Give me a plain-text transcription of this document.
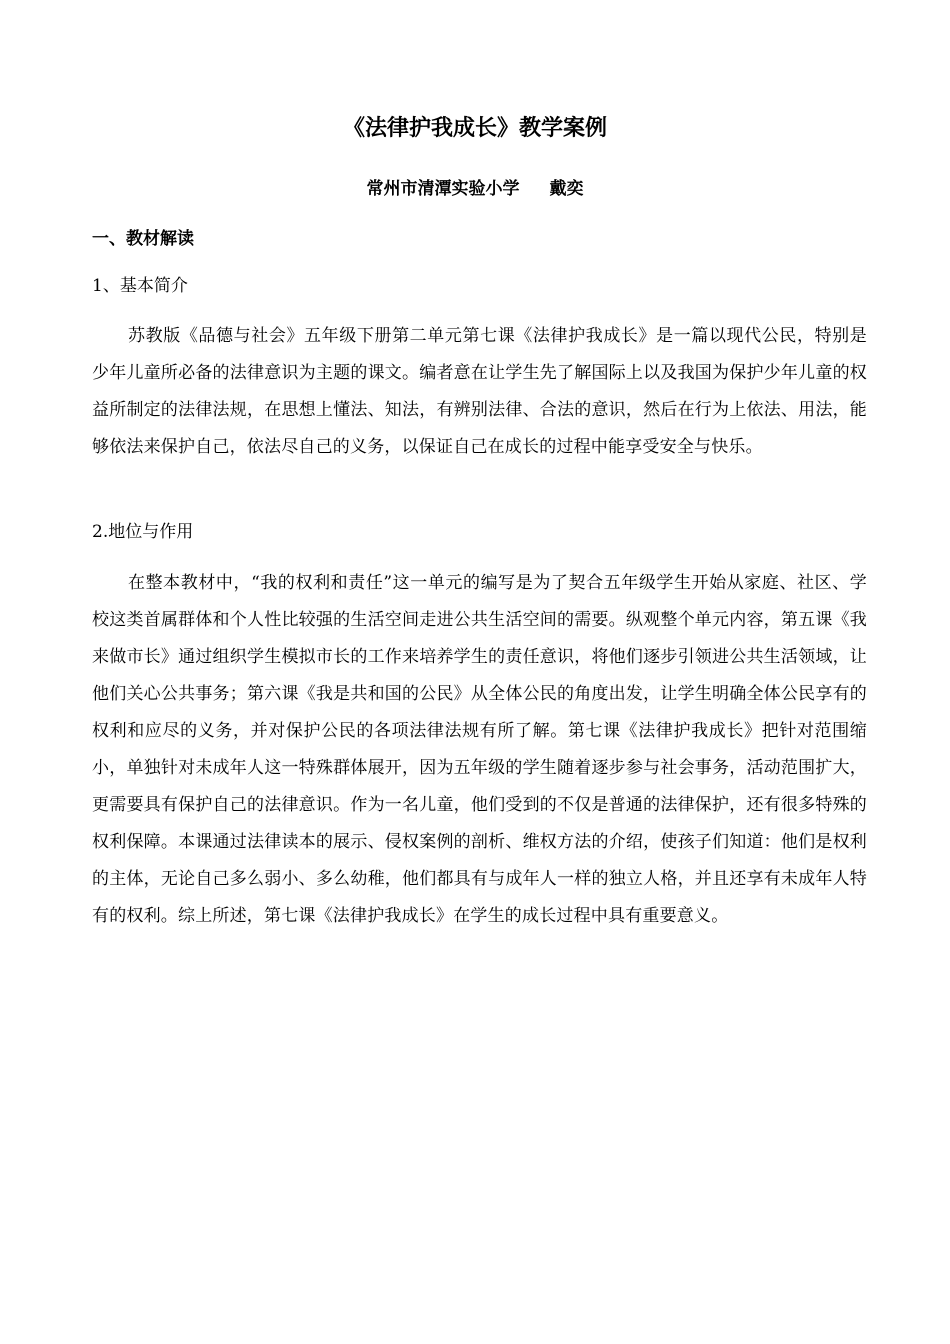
《法律护我成长》教学案例
常州市清潭实验小学 戴奕
一、教材解读
1、基本简介
苏教版《品德与社会》五年级下册第二单元第七课《法律护我成长》是一篇以现代公民，特别是少年儿童所必备的法律意识为主题的课文。编者意在让学生先了解国际上以及我国为保护少年儿童的权益所制定的法律法规，在思想上懂法、知法，有辨别法律、合法的意识，然后在行为上依法、用法，能够依法来保护自己，依法尽自己的义务，以保证自己在成长的过程中能享受安全与快乐。
2.地位与作用
在整本教材中，“我的权利和责任”这一单元的编写是为了契合五年级学生开始从家庭、社区、学校这类首属群体和个人性比较强的生活空间走进公共生活空间的需要。纵观整个单元内容，第五课《我来做市长》通过组织学生模拟市长的工作来培养学生的责任意识，将他们逐步引领进公共生活领域，让他们关心公共事务；第六课《我是共和国的公民》从全体公民的角度出发，让学生明确全体公民享有的权利和应尽的义务，并对保护公民的各项法律法规有所了解。第七课《法律护我成长》把针对范围缩小，单独针对未成年人这一特殊群体展开，因为五年级的学生随着逐步参与社会事务，活动范围扩大，更需要具有保护自己的法律意识。作为一名儿童，他们受到的不仅是普通的法律保护，还有很多特殊的权利保障。本课通过法律读本的展示、侵权案例的剖析、维权方法的介绍，使孩子们知道：他们是权利的主体，无论自己多么弱小、多么幼稚，他们都具有与成年人一样的独立人格，并且还享有未成年人特有的权利。综上所述，第七课《法律护我成长》在学生的成长过程中具有重要意义。
